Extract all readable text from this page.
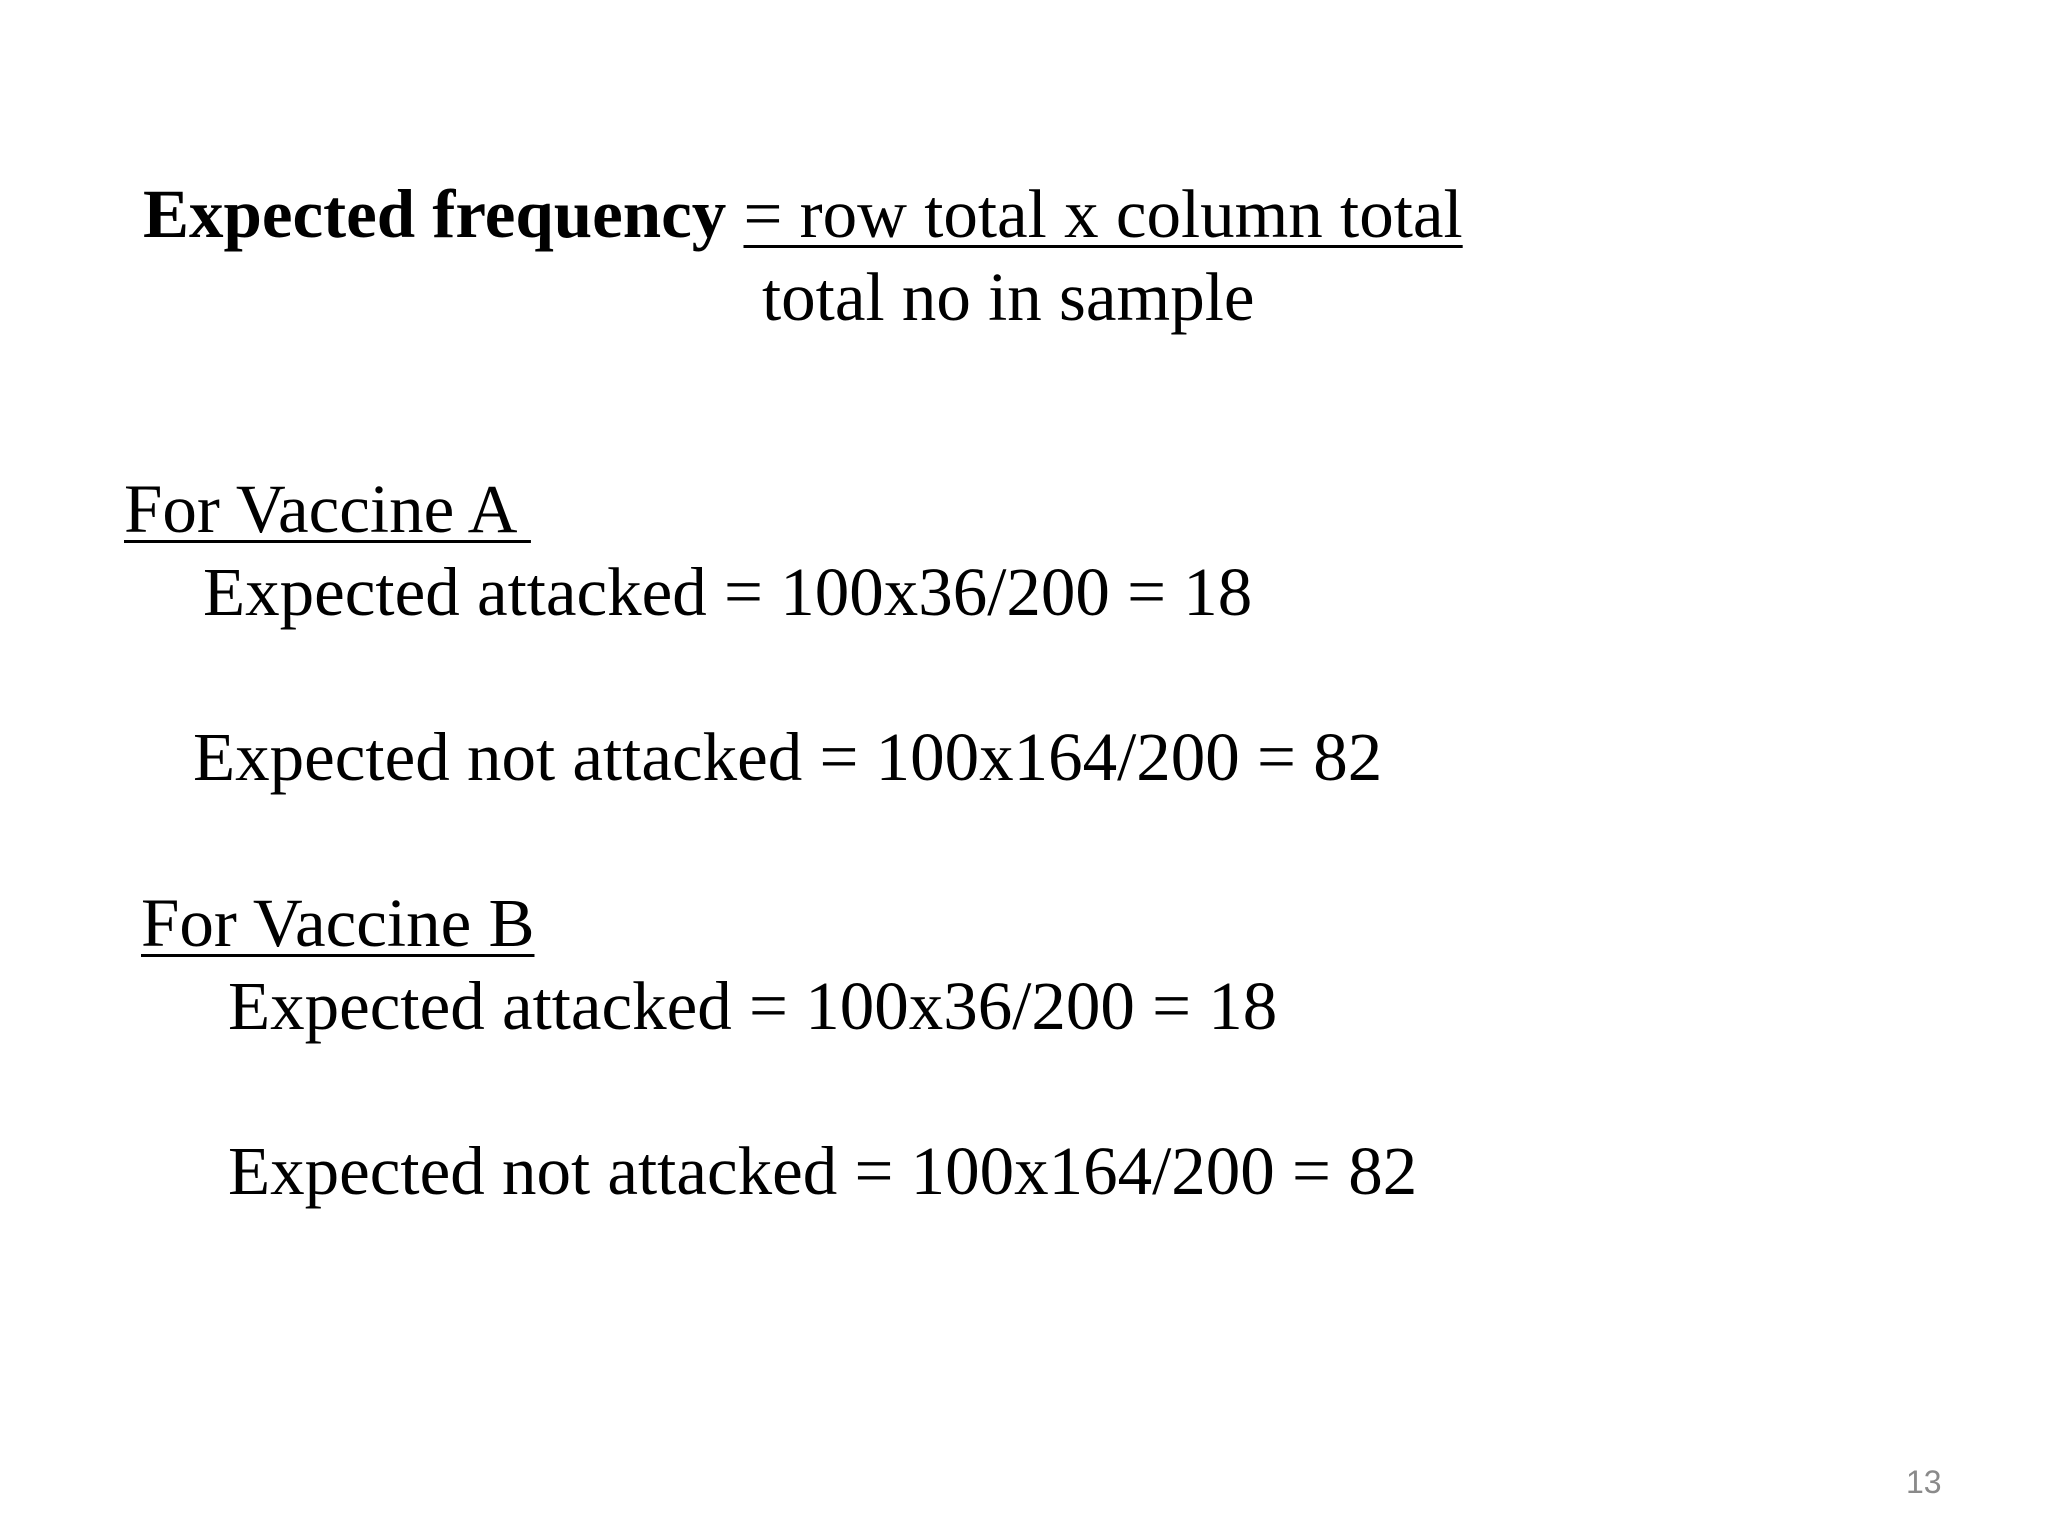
Expected frequency = row total x column total
total no in sample
For Vaccine A
Expected attacked = 100x36/200 = 18
Expected not attacked = 100x164/200 = 82
For Vaccine B
Expected attacked = 100x36/200 = 18
Expected not attacked = 100x164/200 = 82
13
